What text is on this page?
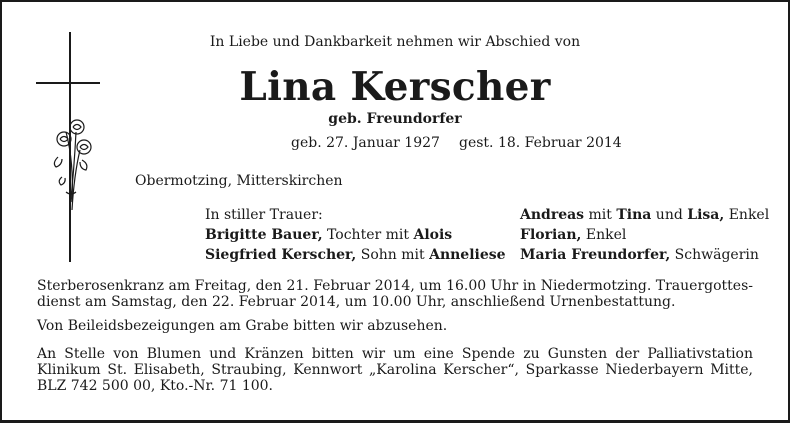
In Liebe und Dankbarkeit nehmen wir Abschied von
Lina Kerscher
geb. Freundorfer
geb. 27. Januar 1927 gest. 18. Februar 2014
Obermotzing, Mitterskirchen
In stiller Trauer:
Brigitte Bauer, Tochter mit Alois
Siegfried Kerscher, Sohn mit Anneliese
Andreas mit Tina und Lisa, Enkel
Florian, Enkel
Maria Freundorfer, Schwägerin
Sterberosenkranz am Freitag, den 21. Februar 2014, um 16.00 Uhr in Niedermotzing. Trauergottes-dienst am Samstag, den 22. Februar 2014, um 10.00 Uhr, anschließend Urnenbestattung.
Von Beileidsbezeigungen am Grabe bitten wir abzusehen.
An Stelle von Blumen und Kränzen bitten wir um eine Spende zu Gunsten der Palliativstation Klinikum St. Elisabeth, Straubing, Kennwort „Karolina Kerscher“, Sparkasse Niederbayern Mitte, BLZ 742 500 00, Kto.-Nr. 71 100.
